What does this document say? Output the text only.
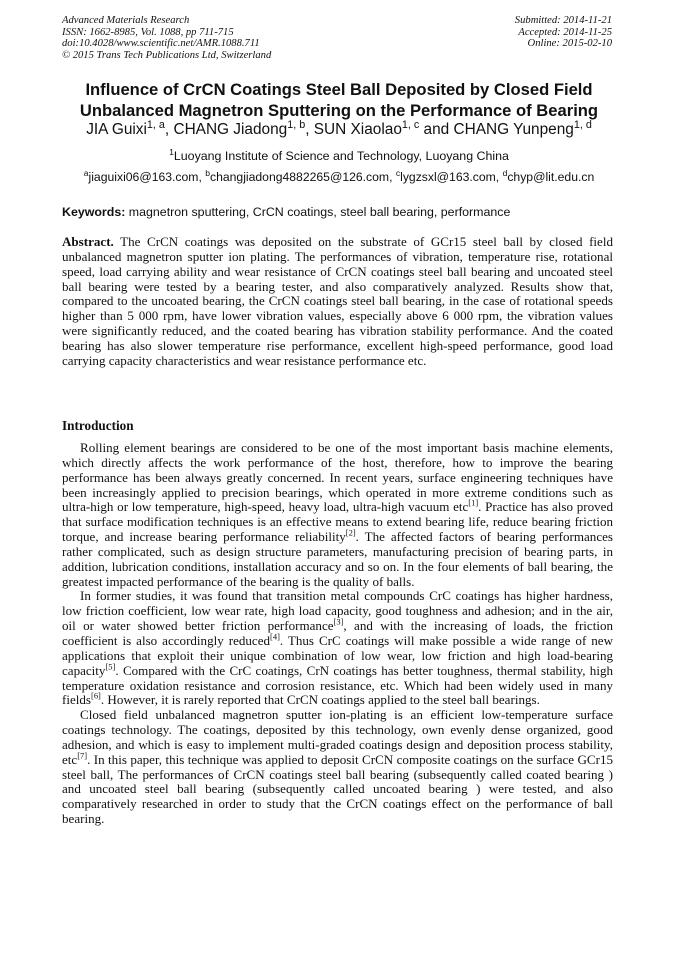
Advanced Materials Research
ISSN: 1662-8985, Vol. 1088, pp 711-715
doi:10.4028/www.scientific.net/AMR.1088.711
© 2015 Trans Tech Publications Ltd, Switzerland
Submitted: 2014-11-21
Accepted: 2014-11-25
Online: 2015-02-10
Influence of CrCN Coatings Steel Ball Deposited by Closed Field
Unbalanced Magnetron Sputtering on the Performance of Bearing
JIA Guixi$^{1, a}$, CHANG Jiadong$^{1, b}$, SUN Xiaolao$^{1, c}$ and CHANG Yunpeng$^{1, d}$
$^1$Luoyang Institute of Science and Technology, Luoyang China
$^a$jiaguixi06@163.com, $^b$changjiadong4882265@126.com, $^c$lygzsxl@163.com, $^d$chyp@lit.edu.cn
Keywords: magnetron sputtering, CrCN coatings, steel ball bearing, performance

Abstract. The CrCN coatings was deposited on the substrate of GCr15 steel ball by closed field unbalanced magnetron sputter ion plating. The performances of vibration, temperature rise, rotational speed, load carrying ability and wear resistance of CrCN coatings steel ball bearing and uncoated steel ball bearing were tested by a bearing tester, and also comparatively analyzed. Results show that, compared to the uncoated bearing, the CrCN coatings steel ball bearing, in the case of rotational speeds higher than 5 000 rpm, have lower vibration values, especially above 6 000 rpm, the vibration values were significantly reduced, and the coated bearing has vibration stability performance. And the coated bearing has also slower temperature rise performance, excellent high-speed performance, good load carrying capacity characteristics and wear resistance performance etc.

Introduction

Rolling element bearings are considered to be one of the most important basis machine elements, which directly affects the work performance of the host, therefore, how to improve the bearing performance has been always greatly concerned. In recent years, surface engineering techniques have been increasingly applied to precision bearings, which operated in more extreme conditions such as ultra-high or low temperature, high-speed, heavy load, ultra-high vacuum etc[1]. Practice has also proved that surface modification techniques is an effective means to extend bearing life, reduce bearing friction torque, and increase bearing performance reliability[2]. The affected factors of bearing performances rather complicated, such as design structure parameters, manufacturing precision of bearing parts, in addition, lubrication conditions, installation accuracy and so on. In the four elements of ball bearing, the greatest impacted performance of the bearing is the quality of balls.

In former studies, it was found that transition metal compounds CrC coatings has higher hardness, low friction coefficient, low wear rate, high load capacity, good toughness and adhesion; and in the air, oil or water showed better friction performance[3], and with the increasing of loads, the friction coefficient is also accordingly reduced[4]. Thus CrC coatings will make possible a wide range of new applications that exploit their unique combination of low wear, low friction and high load-bearing capacity[5]. Compared with the CrC coatings, CrN coatings has better toughness, thermal stability, high temperature oxidation resistance and corrosion resistance, etc. Which had been widely used in many fields[6]. However, it is rarely reported that CrCN coatings applied to the steel ball bearings.

Closed field unbalanced magnetron sputter ion-plating is an efficient low-temperature surface coatings technology. The coatings, deposited by this technology, own evenly dense organized, good adhesion, and which is easy to implement multi-graded coatings design and deposition process stability, etc[7]. In this paper, this technique was applied to deposit CrCN composite coatings on the surface GCr15 steel ball, The performances of CrCN coatings steel ball bearing (subsequently called coated bearing ) and uncoated steel ball bearing (subsequently called uncoated bearing ) were tested, and also comparatively researched in order to study that the CrCN coatings effect on the performance of ball bearing.
